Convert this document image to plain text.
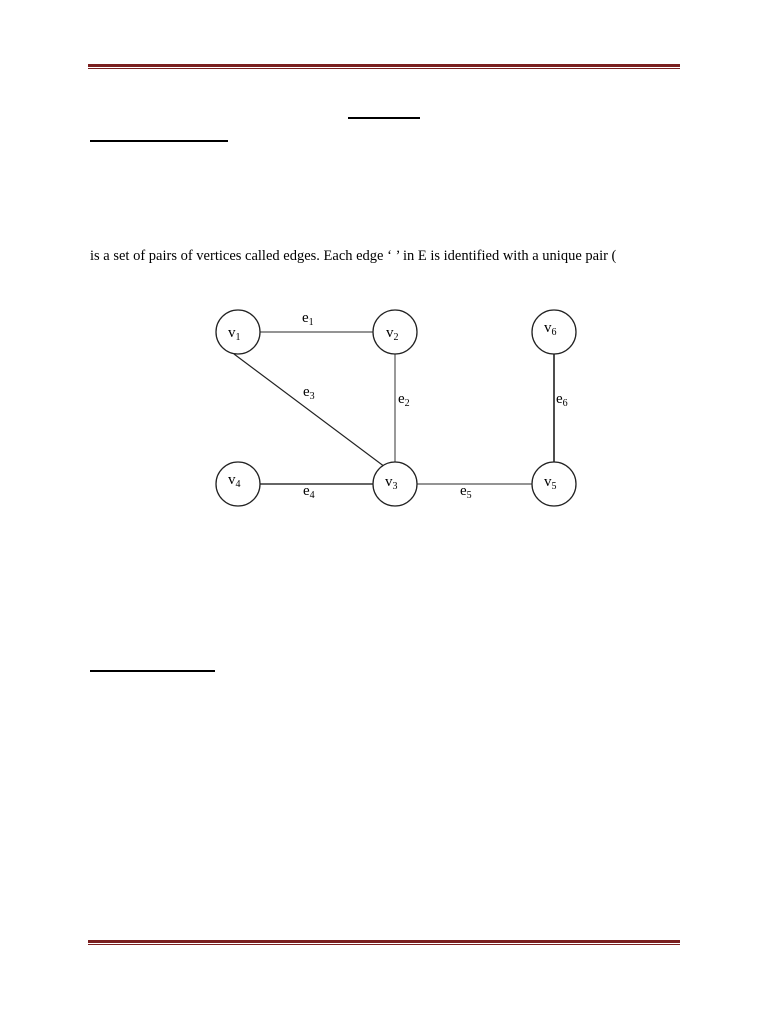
is a set of pairs of vertices called edges. Each edge ‘ ’ in E is identified with a unique pair (
$v_1$	$v_2$
$v_6$
$v_4$	$v_3$	$v_5$
$e_1$
$e_2$
$e_3$
$e_4$	$e_5$
$e_6$
